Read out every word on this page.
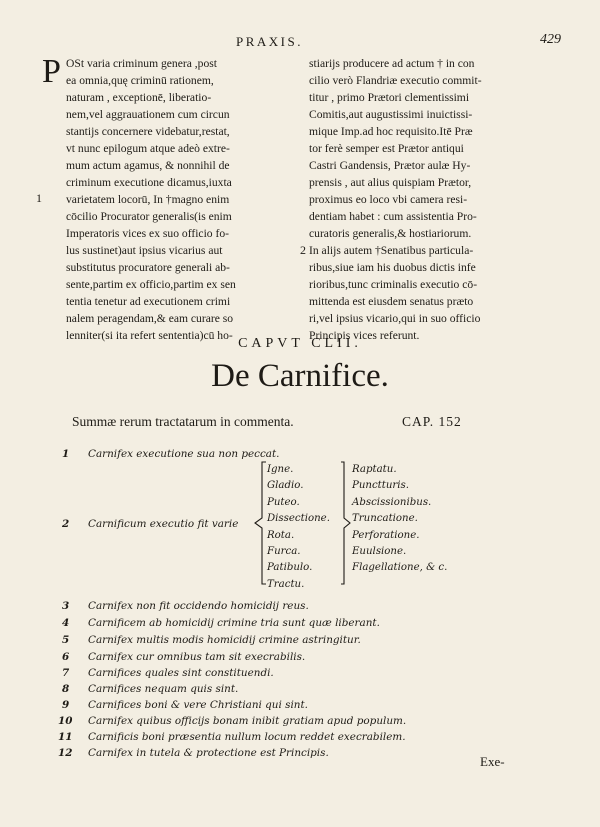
PRAXIS.	429
P OSt varia criminum genera ,post
ea omnia,quę criminū rationem,
naturam , exceptionē, liberatio-
nem,vel aggrauationem cum circun
stantijs concernere videbatur,restat,
vt nunc epilogum atque adeò extre-
mum actum agamus, & nonnihil de
criminum executione dicamus,iuxta
varietatem locorū, In †magno enim
cōcilio Procurator generalis(is enim
Imperatoris vices ex suo officio fo-
lus sustinet)aut ipsius vicarius aut
substitutus procuratore generali ab-
sente,partim ex officio,partim ex sen
tentia tenetur ad executionem crimi
nalem peragendam,& eam curare so
lenniter(si ita refert sententia)cū ho-
1
2
stiarijs producere ad actum † in con
cilio verò Flandriæ executio commit-
titur , primo Prætori clementissimi
Comitis,aut augustissimi inuictissi-
mique Imp.ad hoc requisito.Itē Præ
tor ferè semper est Prætor antiqui
Castri Gandensis, Prætor aulæ Hy-
prensis , aut alius quispiam Prætor,
proximus eo loco vbi camera resi-
dentiam habet : cum assistentia Pro-
curatoris generalis,& hostiariorum.
In alijs autem †Senatibus particula-
ribus,siue iam his duobus dictis infe
rioribus,tunc criminalis executio cō-
mittenda est eiusdem senatus præto
ri,vel ipsius vicario,qui in suo officio
Principis vices referunt.
CAPVT CLII.
De Carnifice.
Summæ rerum tractatarum in commenta.	CAP. 152
1 Carnifex executione sua non peccat.
2 Carnificum executio fit varie
Igne.
Gladio.
Puteo.
Dissectione.
Rota.
Furca.
Patibulo.
Tractu.
Raptatu.
Punctturis.
Abscissionibus.
Truncatione.
Perforatione.
Euulsione.
Flagellatione, & c.
3 Carnifex non fit occidendo homicidij reus.
4 Carnificem ab homicidij crimine tria sunt quæ liberant.
5 Carnifex multis modis homicidij crimine astringitur.
6 Carnifex cur omnibus tam sit execrabilis.
7 Carnifices quales sint constituendi.
8 Carnifices nequam quis sint.
9 Carnifices boni & vere Christiani qui sint.
10 Carnifex quibus officijs bonam inibit gratiam apud populum.
11 Carnificis boni præsentia nullum locum reddet execrabilem.
12 Carnifex in tutela & protectione est Principis.
Exe-
